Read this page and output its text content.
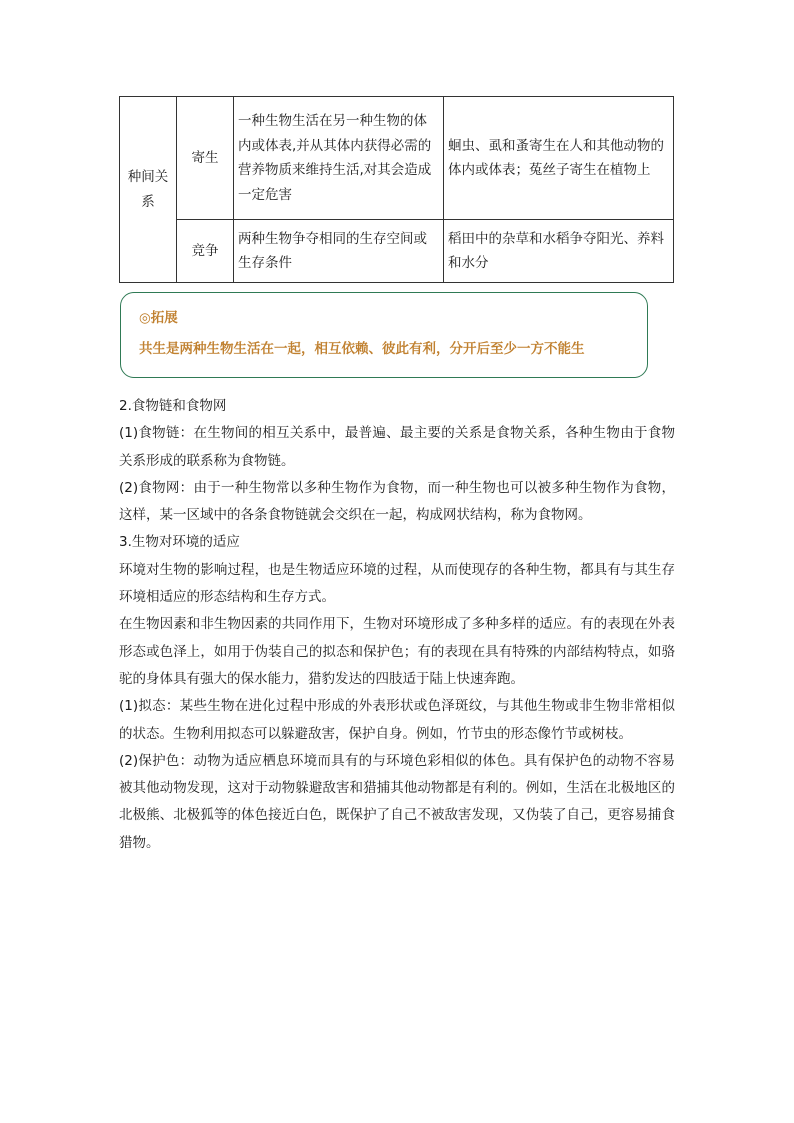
种间关系	寄生	一种生物生活在另一种生物的体内或体表,并从其体内获得必需的营养物质来维持生活,对其会造成一定危害	蛔虫、虱和蚤寄生在人和其他动物的体内或体表；菟丝子寄生在植物上
	竞争	两种生物争夺相同的生存空间或生存条件	稻田中的杂草和水稻争夺阳光、养料和水分
◎拓展
共生是两种生物生活在一起，相互依赖、彼此有利，分开后至少一方不能生

2.食物链和食物网

(1)食物链：在生物间的相互关系中，最普遍、最主要的关系是食物关系，各种生物由于食物关系形成的联系称为食物链。

(2)食物网：由于一种生物常以多种生物作为食物，而一种生物也可以被多种生物作为食物，这样，某一区域中的各条食物链就会交织在一起，构成网状结构，称为食物网。

3.生物对环境的适应

环境对生物的影响过程，也是生物适应环境的过程，从而使现存的各种生物，都具有与其生存环境相适应的形态结构和生存方式。

在生物因素和非生物因素的共同作用下，生物对环境形成了多种多样的适应。有的表现在外表形态或色泽上，如用于伪装自己的拟态和保护色；有的表现在具有特殊的内部结构特点，如骆驼的身体具有强大的保水能力，猎豹发达的四肢适于陆上快速奔跑。

(1)拟态：某些生物在进化过程中形成的外表形状或色泽斑纹，与其他生物或非生物非常相似的状态。生物利用拟态可以躲避敌害，保护自身。例如，竹节虫的形态像竹节或树枝。

(2)保护色：动物为适应栖息环境而具有的与环境色彩相似的体色。具有保护色的动物不容易被其他动物发现，这对于动物躲避敌害和猎捕其他动物都是有利的。例如，生活在北极地区的北极熊、北极狐等的体色接近白色，既保护了自己不被敌害发现，又伪装了自己，更容易捕食猎物。
